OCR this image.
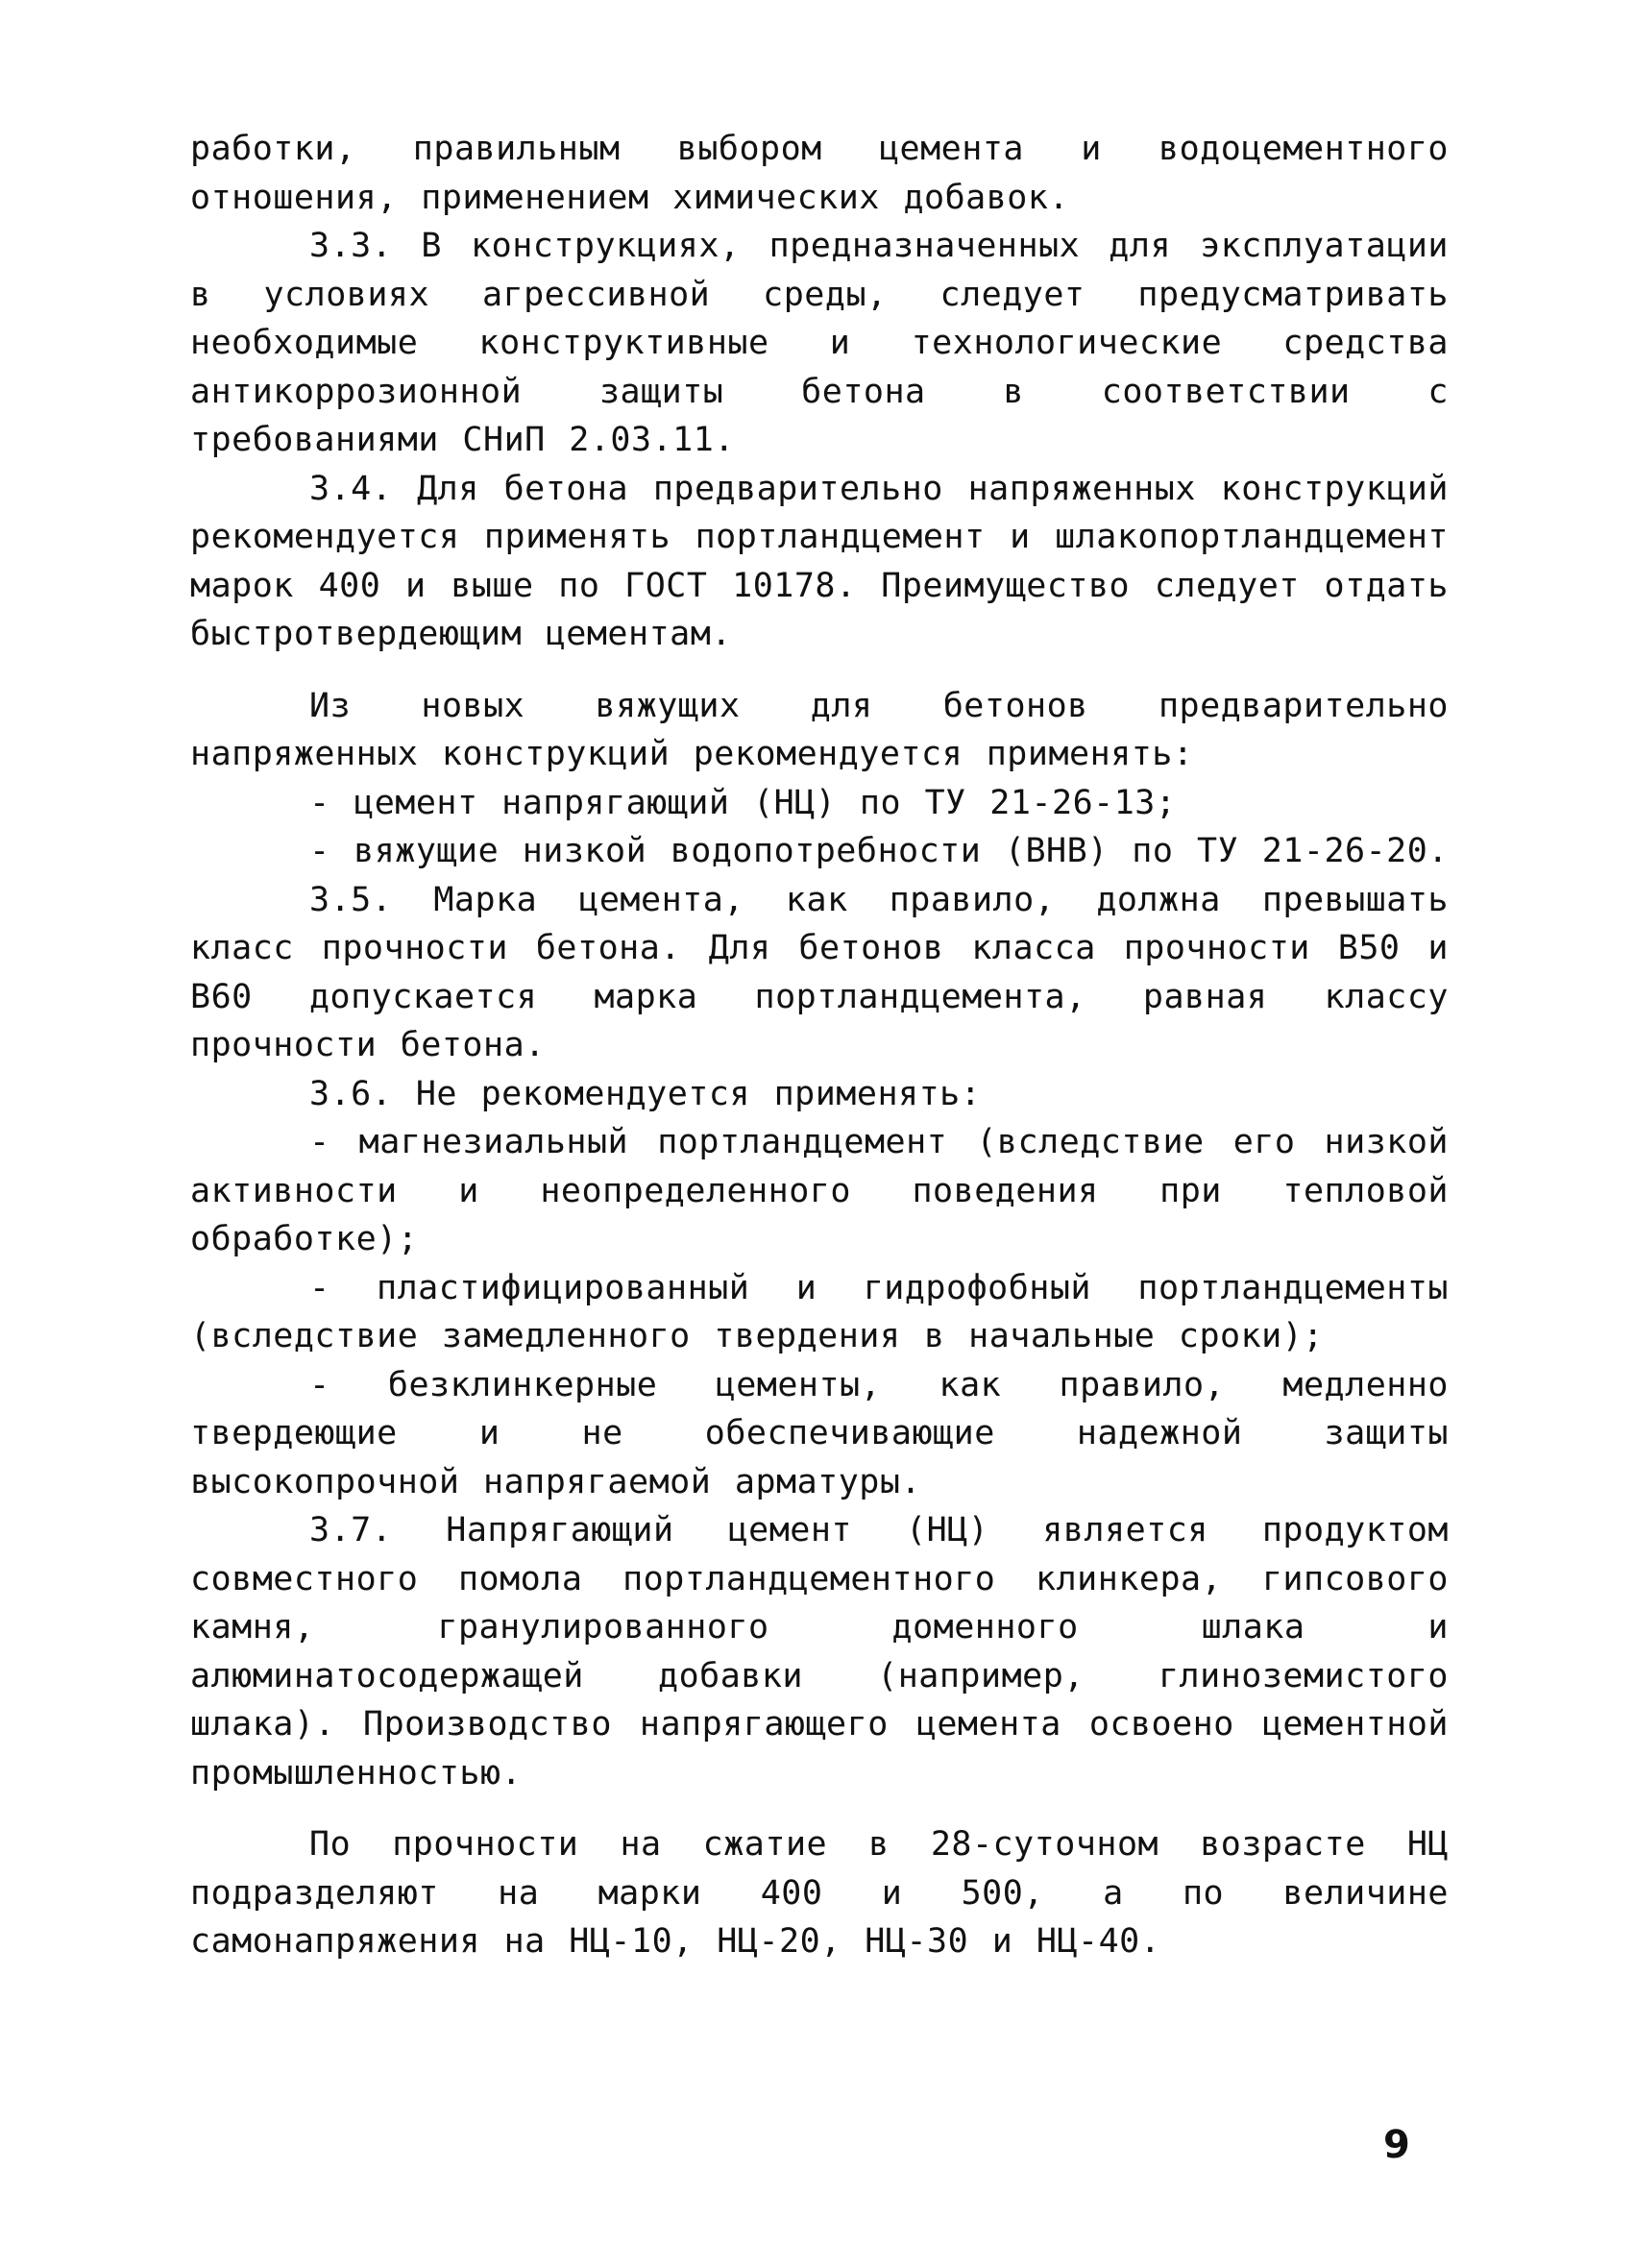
работки, правильным выбором цемента и водоцементного отношения, применением химических добавок.

3.3. В конструкциях, предназначенных для эксплуатации в условиях агрессивной среды, следует предусматривать необходимые конструктивные и технологические средства антикоррозионной защиты бетона в соответствии с требованиями СНиП 2.03.11.

3.4. Для бетона предварительно напряженных конструкций рекомендуется применять портландцемент и шлакопортландцемент марок 400 и выше по ГОСТ 10178. Преимущество следует отдать быстротвердеющим цементам.

Из новых вяжущих для бетонов предварительно напряженных конструкций рекомендуется применять:

- цемент напрягающий (НЦ) по ТУ 21-26-13;

- вяжущие низкой водопотребности (ВНВ) по ТУ 21-26-20.

3.5. Марка цемента, как правило, должна превышать класс прочности бетона. Для бетонов класса прочности В50 и В60 допускается марка портландцемента, равная классу прочности бетона.

3.6. Не рекомендуется применять:

- магнезиальный портландцемент (вследствие его низкой активности и неопределенного поведения при тепловой обработке);

- пластифицированный и гидрофобный портландцементы (вследствие замедленного твердения в начальные сроки);

- безклинкерные цементы, как правило, медленно твердеющие и не обеспечивающие надежной защиты высокопрочной напрягаемой арматуры.

3.7. Напрягающий цемент (НЦ) является продуктом совместного помола портландцементного клинкера, гипсового камня, гранулированного доменного шлака и алюминатосодержащей добавки (например, глиноземистого шлака). Производство напрягающего цемента освоено цементной промышленностью.

По прочности на сжатие в 28-суточном возрасте НЦ подразделяют на марки 400 и 500, а по величине самонапряжения на НЦ-10, НЦ-20, НЦ-30 и НЦ-40.

9
